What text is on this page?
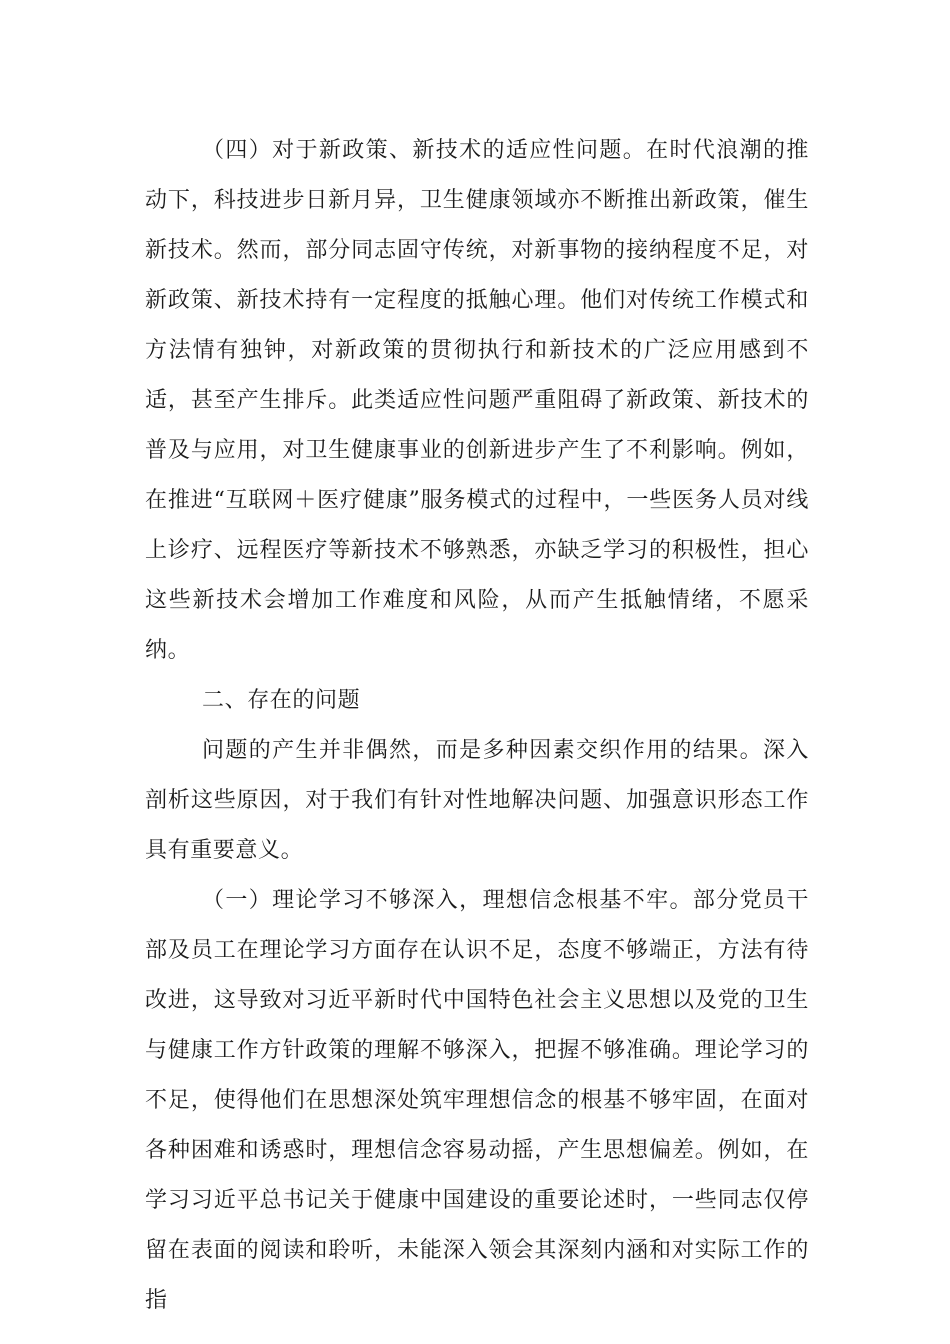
（四）对于新政策、新技术的适应性问题。在时代浪潮的推动下，科技进步日新月异，卫生健康领域亦不断推出新政策，催生新技术。然而，部分同志固守传统，对新事物的接纳程度不足，对新政策、新技术持有一定程度的抵触心理。他们对传统工作模式和方法情有独钟，对新政策的贯彻执行和新技术的广泛应用感到不适，甚至产生排斥。此类适应性问题严重阻碍了新政策、新技术的普及与应用，对卫生健康事业的创新进步产生了不利影响。例如，在推进“互联网＋医疗健康”服务模式的过程中，一些医务人员对线上诊疗、远程医疗等新技术不够熟悉，亦缺乏学习的积极性，担心这些新技术会增加工作难度和风险，从而产生抵触情绪，不愿采纳。

二、存在的问题

问题的产生并非偶然，而是多种因素交织作用的结果。深入剖析这些原因，对于我们有针对性地解决问题、加强意识形态工作具有重要意义。

（一）理论学习不够深入，理想信念根基不牢。部分党员干部及员工在理论学习方面存在认识不足，态度不够端正，方法有待改进，这导致对习近平新时代中国特色社会主义思想以及党的卫生与健康工作方针政策的理解不够深入，把握不够准确。理论学习的不足，使得他们在思想深处筑牢理想信念的根基不够牢固，在面对各种困难和诱惑时，理想信念容易动摇，产生思想偏差。例如，在学习习近平总书记关于健康中国建设的重要论述时，一些同志仅停留在表面的阅读和聆听，未能深入领会其深刻内涵和对实际工作的指
